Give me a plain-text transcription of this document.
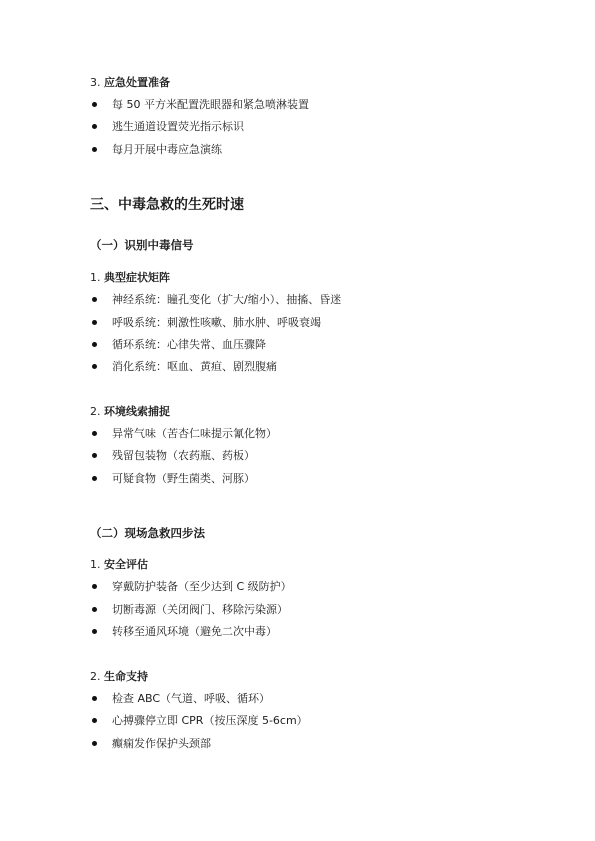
3. 应急处置准备
每 50 平方米配置洗眼器和紧急喷淋装置
逃生通道设置荧光指示标识
每月开展中毒应急演练
三、中毒急救的生死时速
（一）识别中毒信号
1. 典型症状矩阵
神经系统：瞳孔变化（扩大/缩小）、抽搐、昏迷
呼吸系统：刺激性咳嗽、肺水肿、呼吸衰竭
循环系统：心律失常、血压骤降
消化系统：呕血、黄疸、剧烈腹痛
2. 环境线索捕捉
异常气味（苦杏仁味提示氰化物）
残留包装物（农药瓶、药板）
可疑食物（野生菌类、河豚）
（二）现场急救四步法
1. 安全评估
穿戴防护装备（至少达到 C 级防护）
切断毒源（关闭阀门、移除污染源）
转移至通风环境（避免二次中毒）
2. 生命支持
检查 ABC（气道、呼吸、循环）
心搏骤停立即 CPR（按压深度 5-6cm）
癫痫发作保护头颈部
